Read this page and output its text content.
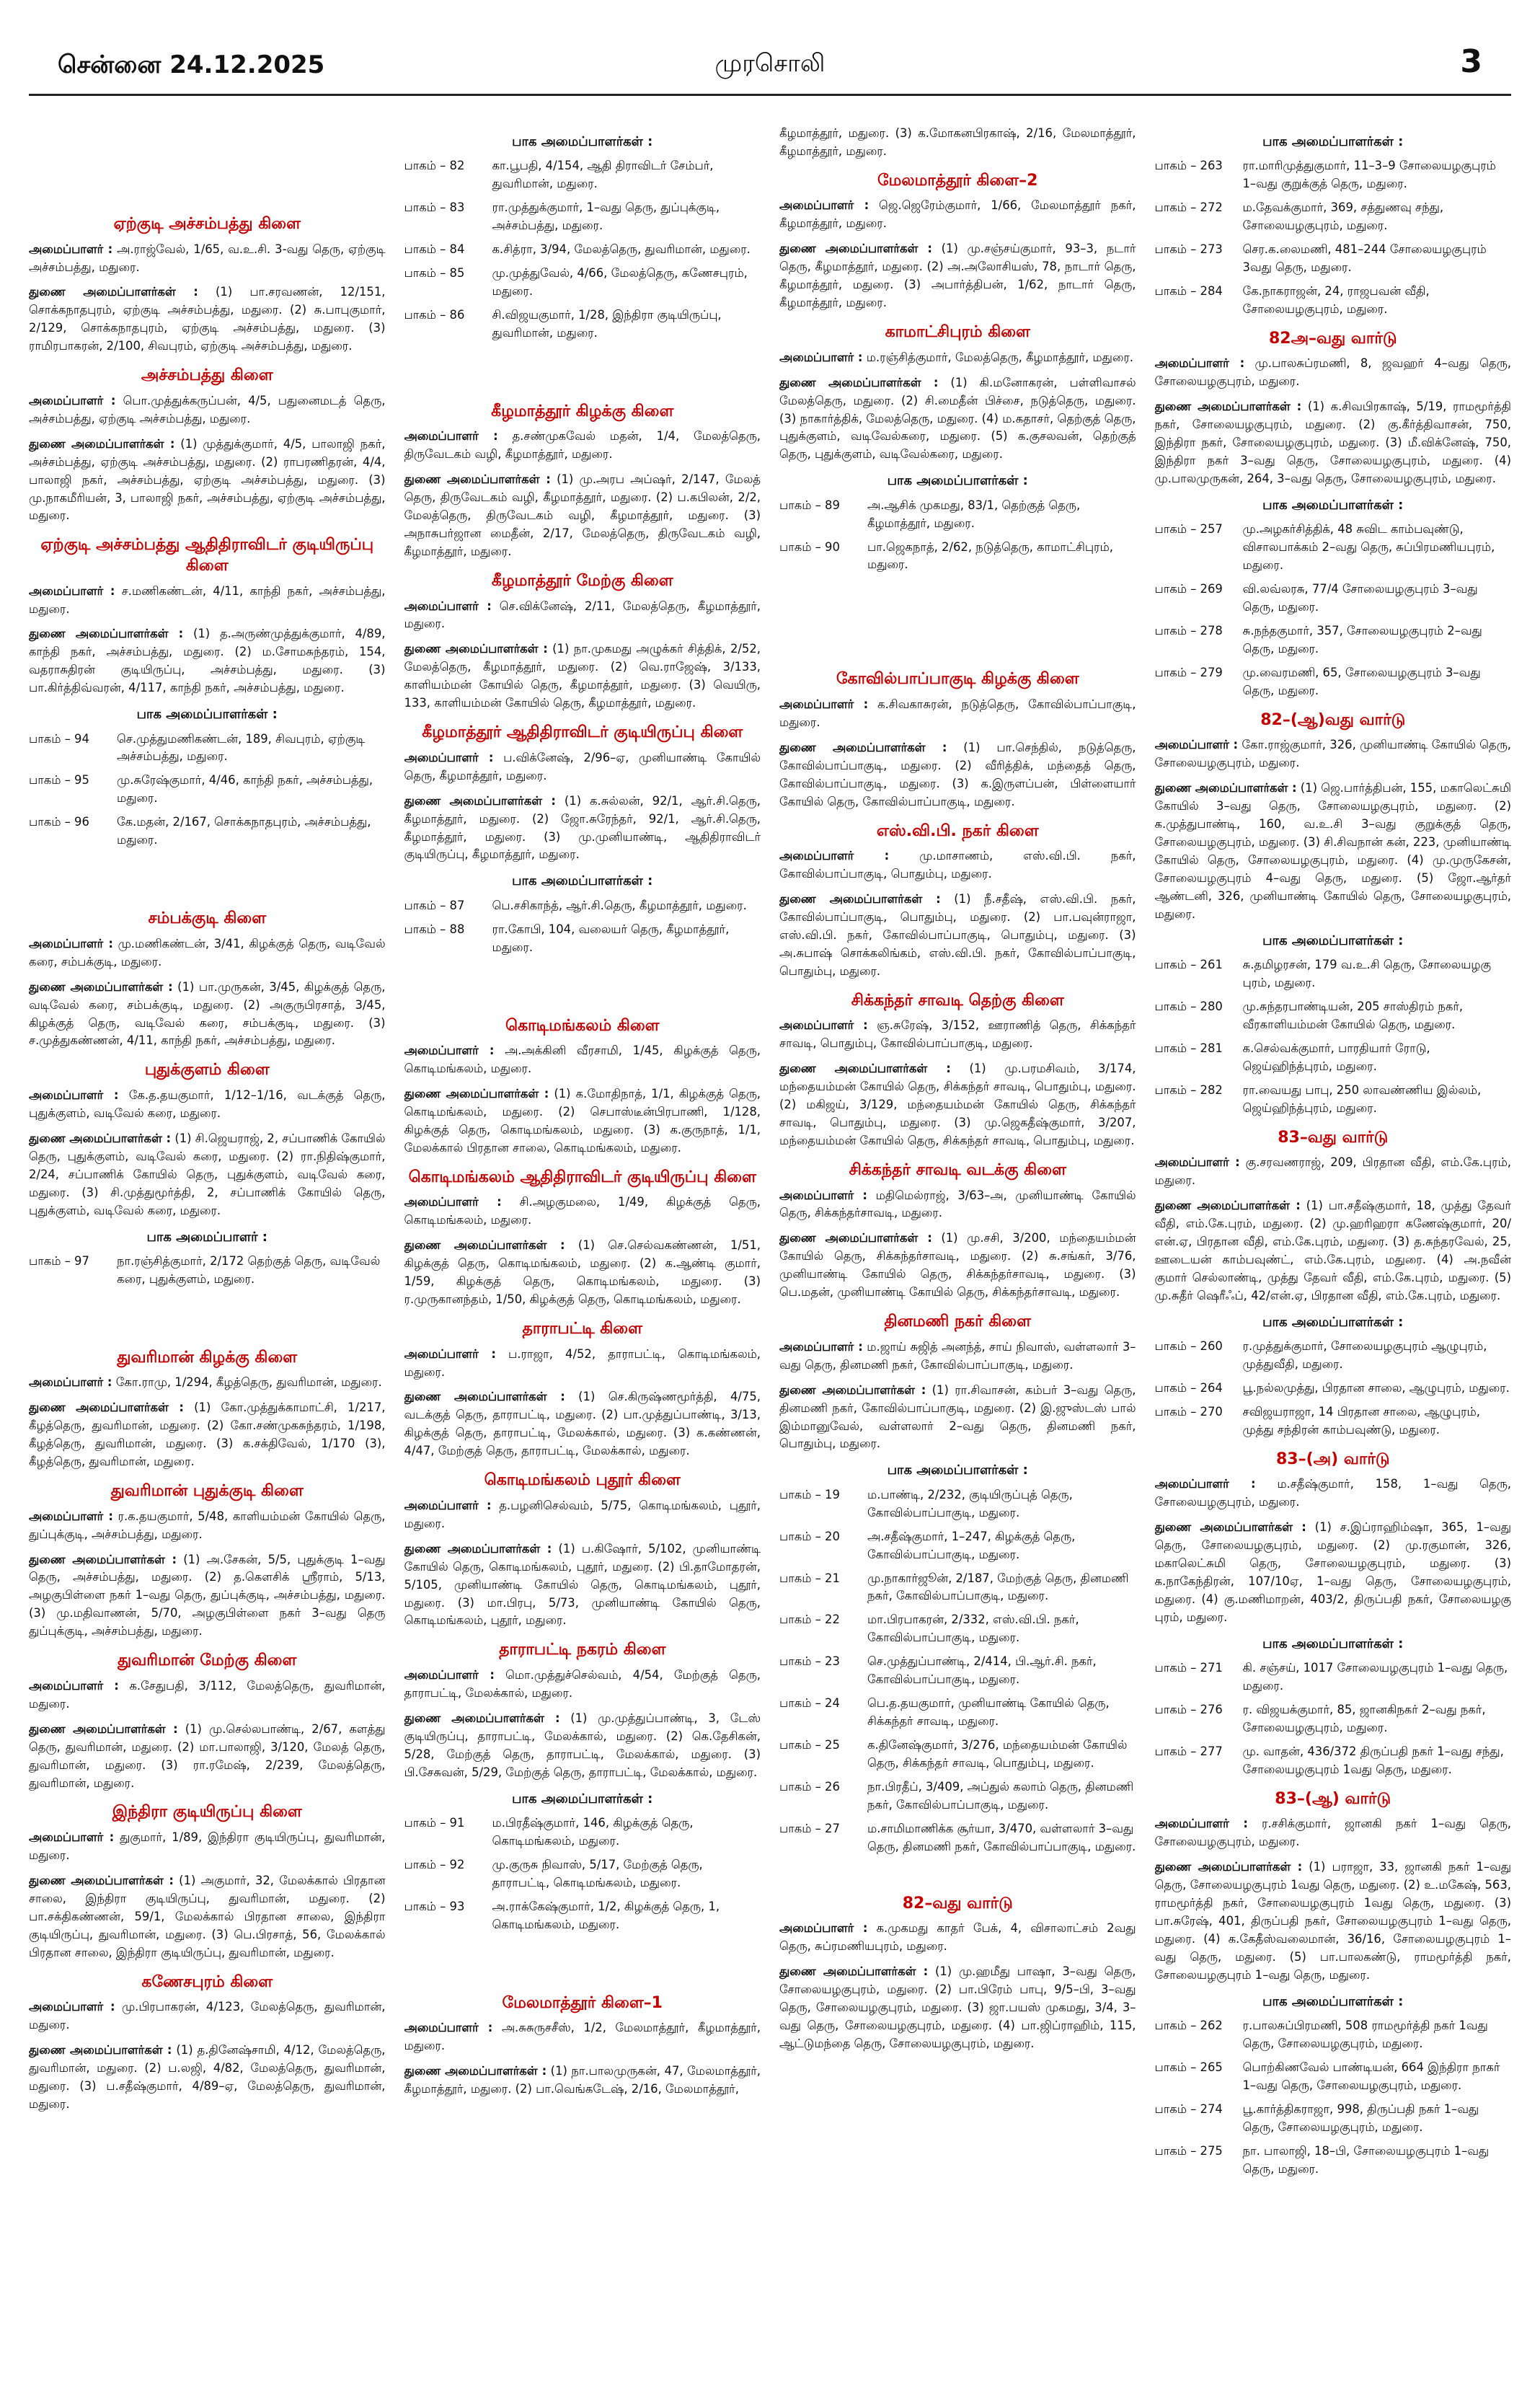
சென்னை 24.12.2025	முரசொலி	3
ஏற்குடி அச்சம்பத்து கிளை

அமைப்பாளர் : அ.ராஜ்வேல், 1/65, வ.உ.சி. 3-வது தெரு, ஏற்குடி அச்சம்பத்து, மதுரை.

துணை அமைப்பாளர்கள் : (1) பா.சரவணன், 12/151, சொக்கநாதபுரம், ஏற்குடி அச்சம்பத்து, மதுரை. (2) சு.பாபுகுமார், 2/129, சொக்கநாதபுரம், ஏற்குடி அச்சம்பத்து, மதுரை. (3) ராமிரபாகரன், 2/100, சிவபுரம், ஏற்குடி அச்சம்பத்து, மதுரை.

அச்சம்பத்து கிளை

அமைப்பாளர் : பொ.முத்துக்கருப்பன், 4/5, பதுனைமடத் தெரு, அச்சம்பத்து, ஏற்குடி அச்சம்பத்து, மதுரை.

துணை அமைப்பாளர்கள் : (1) முத்துக்குமார், 4/5, பாலாஜி நகர், அச்சம்பத்து, ஏற்குடி அச்சம்பத்து, மதுரை. (2) ராபரணிதரன், 4/4, பாலாஜி நகர், அச்சம்பத்து, ஏற்குடி அச்சம்பத்து, மதுரை. (3) மு.நாகமீரியன், 3, பாலாஜி நகர், அச்சம்பத்து, ஏற்குடி அச்சம்பத்து, மதுரை.

ஏற்குடி அச்சம்பத்து ஆதிதிராவிடர் குடியிருப்பு கிளை

அமைப்பாளர் : ச.மணிகண்டன், 4/11, காந்தி நகர், அச்சம்பத்து, மதுரை.

துணை அமைப்பாளர்கள் : (1) த.அருண்முத்துக்குமார், 4/89, காந்தி நகர், அச்சம்பத்து, மதுரை. (2) ம.சோமசுந்தரம், 154, வதராசுதிரன் குடியிருப்பு, அச்சம்பத்து, மதுரை. (3) பா.கிர்த்திவ்வரன், 4/117, காந்தி நகர், அச்சம்பத்து, மதுரை.

பாக அமைப்பாளர்கள் :
பாகம் – 94	செ.முத்துமணிகண்டன், 189, சிவபுரம், ஏற்குடி அச்சம்பத்து, மதுரை.
பாகம் – 95	மு.சுரேஷ்குமார், 4/46, காந்தி நகர், அச்சம்பத்து, மதுரை.
பாகம் – 96	கே.மதன், 2/167, சொக்கநாதபுரம், அச்சம்பத்து, மதுரை.
சம்பக்குடி கிளை

அமைப்பாளர் : மு.மணிகண்டன், 3/41, கிழக்குத் தெரு, வடிவேல் கரை, சம்பக்குடி, மதுரை.

துணை அமைப்பாளர்கள் : (1) பா.முருகன், 3/45, கிழக்குத் தெரு, வடிவேல் கரை, சம்பக்குடி, மதுரை. (2) அகுருபிரசாத், 3/45, கிழக்குத் தெரு, வடிவேல் கரை, சம்பக்குடி, மதுரை. (3) ச.முத்துகண்ணன், 4/11, காந்தி நகர், அச்சம்பத்து, மதுரை.

புதுக்குளம் கிளை

அமைப்பாளர் : கே.த.தயகுமார், 1/12–1/16, வடக்குத் தெரு, புதுக்குளம், வடிவேல் கரை, மதுரை.

துணை அமைப்பாளர்கள் : (1) சி.ஜெயராஜ், 2, சப்பாணிக் கோயில் தெரு, புதுக்குளம், வடிவேல் கரை, மதுரை. (2) ரா.நிதிஷ்குமார், 2/24, சப்பாணிக் கோயில் தெரு, புதுக்குளம், வடிவேல் கரை, மதுரை. (3) சி.முத்துமூர்த்தி, 2, சப்பாணிக் கோயில் தெரு, புதுக்குளம், வடிவேல் கரை, மதுரை.

பாக அமைப்பாளர் :
பாகம் – 97	நா.ரஞ்சித்குமார், 2/172 தெற்குத் தெரு, வடிவேல் கரை, புதுக்குளம், மதுரை.
துவரிமான் கிழக்கு கிளை

அமைப்பாளர் : கோ.ராமு, 1/294, கீழத்தெரு, துவரிமான், மதுரை.

துணை அமைப்பாளர்கள் : (1) கோ.முத்துக்காமாட்சி, 1/217, கீழத்தெரு, துவரிமான், மதுரை. (2) கோ.சண்முகசுந்தரம், 1/198, கீழத்தெரு, துவரிமான், மதுரை. (3) க.சக்திவேல், 1/170 (3), கீழத்தெரு, துவரிமான், மதுரை.

துவரிமான் புதுக்குடி கிளை

அமைப்பாளர் : ர.க.தயகுமார், 5/48, காளியம்மன் கோயில் தெரு, துப்புக்குடி, அச்சம்பத்து, மதுரை.

துணை அமைப்பாளர்கள் : (1) அ.சேகன், 5/5, புதுக்குடி 1–வது தெரு, அச்சம்பத்து, மதுரை. (2) த.கௌசிக் ஸ்ரீராம், 5/13, அழகுபிள்ளை நகர் 1–வது தெரு, துப்புக்குடி, அச்சம்பத்து, மதுரை. (3) மு.மதிவாணன், 5/70, அழகுபிள்ளை நகர் 3–வது தெரு துப்புக்குடி, அச்சம்பத்து, மதுரை.

துவரிமான் மேற்கு கிளை

அமைப்பாளர் : க.சேதுபதி, 3/112, மேலத்தெரு, துவரிமான், மதுரை.

துணை அமைப்பாளர்கள் : (1) மு.செல்லபாண்டி, 2/67, களத்து தெரு, துவரிமான், மதுரை. (2) மா.பாலாஜி, 3/120, மேலத் தெரு, துவரிமான், மதுரை. (3) ரா.ரமேஷ், 2/239, மேலத்தெரு, துவரிமான், மதுரை.

இந்திரா குடியிருப்பு கிளை

அமைப்பாளர் : துகுமார், 1/89, இந்திரா குடியிருப்பு, துவரிமான், மதுரை.

துணை அமைப்பாளர்கள் : (1) அகுமார், 32, மேலக்கால் பிரதான சாலை, இந்திரா குடியிருப்பு, துவரிமான், மதுரை. (2) பா.சக்திகண்ணன், 59/1, மேலக்கால் பிரதான சாலை, இந்திரா குடியிருப்பு, துவரிமான், மதுரை. (3) பெ.பிரசாத், 56, மேலக்கால் பிரதான சாலை, இந்திரா குடியிருப்பு, துவரிமான், மதுரை.

கணேசபுரம் கிளை

அமைப்பாளர் : மு.பிரபாகரன், 4/123, மேலத்தெரு, துவரிமான், மதுரை.

துணை அமைப்பாளர்கள் : (1) த.தினேஷ்சாமி, 4/12, மேலத்தெரு, துவரிமான், மதுரை. (2) ப.லஜி, 4/82, மேலத்தெரு, துவரிமான், மதுரை. (3) ப.சதீஷ்குமார், 4/89–ஏ, மேலத்தெரு, துவரிமான், மதுரை.

பாக அமைப்பாளர்கள் :
பாகம் – 82	கா.பூபதி, 4/154, ஆதி திராவிடர் சேம்பர், துவரிமான், மதுரை.
பாகம் – 83	ரா.முத்துக்குமார், 1–வது தெரு, துப்புக்குடி, அச்சம்பத்து, மதுரை.
பாகம் – 84	க.சித்ரா, 3/94, மேலத்தெரு, துவரிமான், மதுரை.
பாகம் – 85	மு.முத்துவேல், 4/66, மேலத்தெரு, கணேசபுரம், மதுரை.
பாகம் – 86	சி.விஜயகுமார், 1/28, இந்திரா குடியிருப்பு, துவரிமான், மதுரை.
கீழமாத்தூர் கிழக்கு கிளை

அமைப்பாளர் : த.சண்முகவேல் மதன், 1/4, மேலத்தெரு, திருவேடகம் வழி, கீழமாத்தூர், மதுரை.

துணை அமைப்பாளர்கள் : (1) மு.அரப அப்ஷர், 2/147, மேலத் தெரு, திருவேடகம் வழி, கீழமாத்தூர், மதுரை. (2) ப.கபிலன், 2/2, மேலத்தெரு, திருவேடகம் வழி, கீழமாத்தூர், மதுரை. (3) அநாசுபர்ஜான மைதீன், 2/17, மேலத்தெரு, திருவேடகம் வழி, கீழமாத்தூர், மதுரை.

கீழமாத்தூர் மேற்கு கிளை

அமைப்பாளர் : செ.விக்னேஷ், 2/11, மேலத்தெரு, கீழமாத்தூர், மதுரை.

துணை அமைப்பாளர்கள் : (1) நா.முகமது அழுக்கர் சித்திக், 2/52, மேலத்தெரு, கீழமாத்தூர், மதுரை. (2) வெ.ராஜேஷ், 3/133, காளியம்மன் கோயில் தெரு, கீழமாத்தூர், மதுரை. (3) வெயிரு, 133, காளியம்மன் கோயில் தெரு, கீழமாத்தூர், மதுரை.

கீழமாத்தூர் ஆதிதிராவிடர் குடியிருப்பு கிளை

அமைப்பாளர் : ப.விக்னேஷ், 2/96–ஏ, முனியாண்டி கோயில் தெரு, கீழமாத்தூர், மதுரை.

துணை அமைப்பாளர்கள் : (1) க.சுல்லன், 92/1, ஆர்.சி.தெரு, கீழமாத்தூர், மதுரை. (2) ஜோ.சுரேந்தர், 92/1, ஆர்.சி.தெரு, கீழமாத்தூர், மதுரை. (3) மு.முனியாண்டி, ஆதிதிராவிடர் குடியிருப்பு, கீழமாத்தூர், மதுரை.

பாக அமைப்பாளர்கள் :
பாகம் – 87	பெ.சசிகாந்த், ஆர்.சி.தெரு, கீழமாத்தூர், மதுரை.
பாகம் – 88	ரா.கோபி, 104, வலையர் தெரு, கீழமாத்தூர், மதுரை.
கொடிமங்கலம் கிளை

அமைப்பாளர் : அ.அக்கினி வீரசாமி, 1/45, கிழக்குத் தெரு, கொடிமங்கலம், மதுரை.

துணை அமைப்பாளர்கள் : (1) க.மோதிநாத், 1/1, கிழக்குத் தெரு, கொடிமங்கலம், மதுரை. (2) செபாஸ்டீன்பிரபாணி, 1/128, கிழக்குத் தெரு, கொடிமங்கலம், மதுரை. (3) க.குருநாத், 1/1, மேலக்கால் பிரதான சாலை, கொடிமங்கலம், மதுரை.

கொடிமங்கலம் ஆதிதிராவிடர் குடியிருப்பு கிளை

அமைப்பாளர் : சி.அழகுமலை, 1/49, கிழக்குத் தெரு, கொடிமங்கலம், மதுரை.

துணை அமைப்பாளர்கள் : (1) செ.செல்வகண்ணன், 1/51, கிழக்குத் தெரு, கொடிமங்கலம், மதுரை. (2) க.ஆண்டி குமார், 1/59, கிழக்குத் தெரு, கொடிமங்கலம், மதுரை. (3) ர.முருகானந்தம், 1/50, கிழக்குத் தெரு, கொடிமங்கலம், மதுரை.

தாராபட்டி கிளை

அமைப்பாளர் : ப.ராஜா, 4/52, தாராபட்டி, கொடிமங்கலம், மதுரை.

துணை அமைப்பாளர்கள் : (1) செ.கிருஷ்ணமூர்த்தி, 4/75, வடக்குத் தெரு, தாராபட்டி, மதுரை. (2) பா.முத்துப்பாண்டி, 3/13, கிழக்குத் தெரு, தாராபட்டி, மேலக்கால், மதுரை. (3) க.கண்ணன், 4/47, மேற்குத் தெரு, தாராபட்டி, மேலக்கால், மதுரை.

கொடிமங்கலம் புதூர் கிளை

அமைப்பாளர் : த.பழனிசெல்வம், 5/75, கொடிமங்கலம், புதூர், மதுரை.

துணை அமைப்பாளர்கள் : (1) ப.கிஷோர், 5/102, முனியாண்டி கோயில் தெரு, கொடிமங்கலம், புதூர், மதுரை. (2) பி.தாமோதரன், 5/105, முனியாண்டி கோயில் தெரு, கொடிமங்கலம், புதூர், மதுரை. (3) மா.பிரபு, 5/73, முனியாண்டி கோயில் தெரு, கொடிமங்கலம், புதூர், மதுரை.

தாராபட்டி நகரம் கிளை

அமைப்பாளர் : மொ.முத்துச்செல்வம், 4/54, மேற்குத் தெரு, தாராபட்டி, மேலக்கால், மதுரை.

துணை அமைப்பாளர்கள் : (1) மு.முத்துப்பாண்டி, 3, டேஸ் குடியிருப்பு, தாராபட்டி, மேலக்கால், மதுரை. (2) கெ.தேசிகன், 5/28, மேற்குத் தெரு, தாராபட்டி, மேலக்கால், மதுரை. (3) பி.சேசுவன், 5/29, மேற்குத் தெரு, தாராபட்டி, மேலக்கால், மதுரை.

பாக அமைப்பாளர்கள் :
பாகம் – 91	ம.பிரதீஷ்குமார், 146, கிழக்குத் தெரு, கொடிமங்கலம், மதுரை.
பாகம் – 92	மு.குருசு நிவாஸ், 5/17, மேற்குத் தெரு, தாராபட்டி, கொடிமங்கலம், மதுரை.
பாகம் – 93	அ.ராக்கேஷ்குமார், 1/2, கிழக்குத் தெரு, 1, கொடிமங்கலம், மதுரை.
மேலமாத்தூர் கிளை–1

அமைப்பாளர் : அ.சுசுருசசீஸ், 1/2, மேலமாத்தூர், கீழமாத்தூர், மதுரை.

துணை அமைப்பாளர்கள் : (1) நா.பாலமுருகன், 47, மேலமாத்தூர், கீழமாத்தூர், மதுரை. (2) பா.வெங்கடேஷ், 2/16, மேலமாத்தூர்,

கீழமாத்தூர், மதுரை. (3) க.மோகனபிரகாஷ், 2/16, மேலமாத்தூர், கீழமாத்தூர், மதுரை.

மேலமாத்தூர் கிளை–2

அமைப்பாளர் : ஜெ.ஜெரேம்குமார், 1/66, மேலமாத்தூர் நகர், கீழமாத்தூர், மதுரை.

துணை அமைப்பாளர்கள் : (1) மு.சஞ்சய்குமார், 93–3, நடார் தெரு, கீழமாத்தூர், மதுரை. (2) அ.அலோசியஸ், 78, நாடார் தெரு, கீழமாத்தூர், மதுரை. (3) அபார்த்திபன், 1/62, நாடார் தெரு, கீழமாத்தூர், மதுரை.

காமாட்சிபுரம் கிளை

அமைப்பாளர் : ம.ரஞ்சித்குமார், மேலத்தெரு, கீழமாத்தூர், மதுரை.

துணை அமைப்பாளர்கள் : (1) கி.மனோகரன், பள்ளிவாசல் மேலத்தெரு, மதுரை. (2) சி.மைதீன் பிச்சை, நடுத்தெரு, மதுரை. (3) நாகார்த்திக், மேலத்தெரு, மதுரை. (4) ம.கதாசர், தெற்குத் தெரு, புதுக்குளம், வடிவேல்கரை, மதுரை. (5) க.குசலவன், தெற்குத் தெரு, புதுக்குளம், வடிவேல்கரை, மதுரை.

பாக அமைப்பாளர்கள் :
பாகம் – 89	அ.ஆசிக் முகமது, 83/1, தெற்குத் தெரு, கீழமாத்தூர், மதுரை.
பாகம் – 90	பா.ஜெகநாத், 2/62, நடுத்தெரு, காமாட்சிபுரம், மதுரை.
கோவில்பாப்பாகுடி கிழக்கு கிளை

அமைப்பாளர் : க.சிவகாசுரன், நடுத்தெரு, கோவில்பாப்பாகுடி, மதுரை.

துணை அமைப்பாளர்கள் : (1) பா.செந்தில், நடுத்தெரு, கோவில்பாப்பாகுடி, மதுரை. (2) வீரித்திக், மந்தைத் தெரு, கோவில்பாப்பாகுடி, மதுரை. (3) க.இருளப்பன், பிள்ளையார் கோயில் தெரு, கோவில்பாப்பாகுடி, மதுரை.

எஸ்.வி.பி. நகர் கிளை

அமைப்பாளர் :	மு.மாசாணம், எஸ்.வி.பி. நகர், கோவில்பாப்பாகுடி, பொதும்பு, மதுரை.

துணை அமைப்பாளர்கள் : (1) நீ.சதீஷ், எஸ்.வி.பி. நகர், கோவில்பாப்பாகுடி, பொதும்பு, மதுரை. (2) பா.பவுன்ராஜா, எஸ்.வி.பி. நகர், கோவில்பாப்பாகுடி, பொதும்பு, மதுரை. (3) அ.சுபாஷ் சொக்கலிங்கம், எஸ்.வி.பி. நகர், கோவில்பாப்பாகுடி, பொதும்பு, மதுரை.

சிக்கந்தர் சாவடி தெற்கு கிளை

அமைப்பாளர் : ஞ.சுரேஷ், 3/152, ஊராணித் தெரு, சிக்கந்தர் சாவடி, பொதும்பு, கோவில்பாப்பாகுடி, மதுரை.

துணை அமைப்பாளர்கள் : (1) மு.பரமசிவம், 3/174, மந்தையம்மன் கோயில் தெரு, சிக்கந்தர் சாவடி, பொதும்பு, மதுரை. (2) மகிஜய், 3/129, மந்தையம்மன் கோயில் தெரு, சிக்கந்தர் சாவடி, பொதும்பு, மதுரை. (3) மு.ஜெகதீஷ்குமார், 3/207, மந்தையம்மன் கோயில் தெரு, சிக்கந்தர் சாவடி, பொதும்பு, மதுரை.

சிக்கந்தர் சாவடி வடக்கு கிளை

அமைப்பாளர் : மதிமெல்ராஜ், 3/63–அ, முனியாண்டி கோயில் தெரு, சிக்கந்தர்சாவடி, மதுரை.

துணை அமைப்பாளர்கள் : (1) மு.சசி, 3/200, மந்தையம்மன் கோயில் தெரு, சிக்கந்தர்சாவடி, மதுரை. (2) சு.சங்கர், 3/76, முனியாண்டி கோயில் தெரு, சிக்கந்தர்சாவடி, மதுரை. (3) பெ.மதன், முனியாண்டி கோயில் தெரு, சிக்கந்தர்சாவடி, மதுரை.

தினமணி நகர் கிளை

அமைப்பாளர் : ம.ஜாய் சுஜித் அனந்த், சாய் நிவாஸ், வள்ளலார் 3–வது தெரு, தினமணி நகர், கோவில்பாப்பாகுடி, மதுரை.

துணை அமைப்பாளர்கள் : (1) ரா.சிவாசன், கம்பர் 3–வது தெரு, தினமணி நகர், கோவில்பாப்பாகுடி, மதுரை. (2) இ.ஜுஸ்டஸ் பால் இம்மானுவேல், வள்ளலார் 2–வது தெரு, தினமணி நகர், பொதும்பு, மதுரை.

பாக அமைப்பாளர்கள் :
பாகம் – 19	ம.பாண்டி, 2/232, குடியிருப்புத் தெரு, கோவில்பாப்பாகுடி, மதுரை.
பாகம் – 20	அ.சதீஷ்குமார், 1–247, கிழக்குத் தெரு, கோவில்பாப்பாகுடி, மதுரை.
பாகம் – 21	மு.நாகார்ஜூன், 2/187, மேற்குத் தெரு, தினமணி நகர், கோவில்பாப்பாகுடி, மதுரை.
பாகம் – 22	மா.பிரபாகரன், 2/332, எஸ்.வி.பி. நகர், கோவில்பாப்பாகுடி, மதுரை.
பாகம் – 23	செ.முத்துப்பாண்டி, 2/414, பி.ஆர்.சி. நகர், கோவில்பாப்பாகுடி, மதுரை.
பாகம் – 24	பெ.த.தயகுமார், முனியாண்டி கோயில் தெரு, சிக்கந்தர் சாவடி, மதுரை.
பாகம் – 25	க.தினேஷ்குமார், 3/276, மந்தையம்மன் கோயில் தெரு, சிக்கந்தர் சாவடி, பொதும்பு, மதுரை.
பாகம் – 26	நா.பிரதீப், 3/409, அப்துல் கலாம் தெரு, தினமணி நகர், கோவில்பாப்பாகுடி, மதுரை.
பாகம் – 27	ம.சாமிமாணிக்க சூர்யா, 3/470, வள்ளலார் 3–வது தெரு, தினமணி நகர், கோவில்பாப்பாகுடி, மதுரை.
82–வது வார்டு

அமைப்பாளர் : க.முகமது காதர் பேக், 4, விசாலாட்சம் 2வது தெரு, சுப்ரமணியபுரம், மதுரை.

துணை அமைப்பாளர்கள் : (1) மு.ஹமீது பாஷா, 3–வது தெரு, சோலையழகுபுரம், மதுரை. (2) பா.பிரேம் பாபு, 9/5–பி, 3–வது தெரு, சோலையழகுபுரம், மதுரை. (3) ஜா.பயஸ் முகமது, 3/4, 3–வது தெரு, சோலையழகுபுரம், மதுரை. (4) பா.ஜிப்ராஹிம், 115, ஆட்டுமந்தை தெரு, சோலையழகுபுரம், மதுரை.

பாக அமைப்பாளர்கள் :
பாகம் – 263	ரா.மாரிமுத்துகுமார், 11–3–9 சோலையழகுபுரம் 1–வது குறுக்குத் தெரு, மதுரை.
பாகம் – 272	ம.தேவக்குமார், 369, சத்துணவு சந்து, சோலையழகுபுரம், மதுரை.
பாகம் – 273	செர.க.லைமணி, 481–244 சோலையழகுபுரம் 3வது தெரு, மதுரை.
பாகம் – 284	கே.நாகராஜன், 24, ராஜபவன் வீதி, சோலையழகுபுரம், மதுரை.
82அ–வது வார்டு

அமைப்பாளர் : மு.பாலசுப்ரமணி, 8, ஜவஹர் 4–வது தெரு, சோலையழகுபுரம், மதுரை.

துணை அமைப்பாளர்கள் : (1) க.சிவபிரகாஷ், 5/19, ராமமூர்த்தி நகர், சோலையழகுபுரம், மதுரை. (2) கு.கீர்த்திவாசன், 750, இந்திரா நகர், சோலையழகுபுரம், மதுரை. (3) மீ.விக்னேஷ், 750, இந்திரா நகர் 3–வது தெரு, சோலையழகுபுரம், மதுரை. (4) மு.பாலமுருகன், 264, 3–வது தெரு, சோலையழகுபுரம், மதுரை.

பாக அமைப்பாளர்கள் :
பாகம் – 257	மு.அழகர்சித்திக், 48 சுவிட காம்பவுண்டு, விசாலபாக்கம் 2–வது தெரு, சுப்பிரமணியபுரம், மதுரை.
பாகம் – 269	வி.லவ்லரசு, 77/4 சோலையழகுபுரம் 3–வது தெரு, மதுரை.
பாகம் – 278	சு.நந்தகுமார், 357, சோலையழகுபுரம் 2–வது தெரு, மதுரை.
பாகம் – 279	மு.வைரமணி, 65, சோலையழகுபுரம் 3–வது தெரு, மதுரை.
82–(ஆ)வது வார்டு

அமைப்பாளர் : கோ.ராஜ்குமார், 326, முனியாண்டி கோயில் தெரு, சோலையழகுபுரம், மதுரை.

துணை அமைப்பாளர்கள் : (1) ஜெ.பார்த்திபன், 155, மகாலெட்சுமி கோயில் 3–வது தெரு, சோலையழகுபுரம், மதுரை. (2) க.முத்துபாண்டி, 160, வ.உ.சி 3–வது குறுக்குத் தெரு, சோலையழகுபுரம், மதுரை. (3) சி.சிவநான் கன், 223, முனியாண்டி கோயில் தெரு, சோலையழகுபுரம், மதுரை. (4) மு.முருகேசன், சோலையழகுபுரம் 4–வது தெரு, மதுரை. (5) ஜோ.ஆர்தர் ஆண்டனி, 326, முனியாண்டி கோயில் தெரு, சோலையழகுபுரம், மதுரை.

பாக அமைப்பாளர்கள் :
பாகம் – 261	சு.தமிழரசன், 179 வ.உ.சி தெரு, சோலையழகு புரம், மதுரை.
பாகம் – 280	மு.சுந்தரபாண்டியன், 205 சாஸ்திரம் நகர், வீரகாளியம்மன் கோயில் தெரு, மதுரை.
பாகம் – 281	க.செல்வக்குமார், பாரதியார் ரோடு, ஜெய்ஹிந்த்புரம், மதுரை.
பாகம் – 282	ரா.வையது பாபு, 250 லாவண்ணிய இல்லம், ஜெய்ஹிந்த்புரம், மதுரை.
83–வது வார்டு

அமைப்பாளர் : கு.சரவணராஜ், 209, பிரதான வீதி, எம்.கே.புரம், மதுரை.

துணை அமைப்பாளர்கள் : (1) பா.சதீஷ்குமார், 18, முத்து தேவர் வீதி, எம்.கே.புரம், மதுரை. (2) மு.ஹரிஹரா கணேஷ்குமார், 20/என்.ஏ, பிரதான வீதி, எம்.கே.புரம், மதுரை. (3) த.சுந்தரவேல், 25, ஊடையன் காம்பவுண்ட், எம்.கே.புரம், மதுரை. (4) அ.நவீன் குமார் செல்லாண்டி, முத்து தேவர் வீதி, எம்.கே.புரம், மதுரை. (5) மு.சுதீர் ஷெரீஃப், 42/என்.ஏ, பிரதான வீதி, எம்.கே.புரம், மதுரை.

பாக அமைப்பாளர்கள் :
பாகம் – 260	ர.முத்துக்குமார், சோலையழகுபுரம் ஆழுபுரம், முத்துவீதி, மதுரை.
பாகம் – 264	பூ.நல்லமுத்து, பிரதான சாலை, ஆழுபுரம், மதுரை.
பாகம் – 270	சவிஜயராஜா, 14 பிரதான சாலை, ஆழுபுரம், முத்து சந்திரன் காம்பவுண்டு, மதுரை.
83–(அ) வார்டு

அமைப்பாளர் : ம.சதீஷ்குமார், 158, 1–வது தெரு, சோலையழகுபுரம், மதுரை.

துணை அமைப்பாளர்கள் : (1) ச.இப்ராஹிம்ஷா, 365, 1–வது தெரு, சோலையழகுபுரம், மதுரை. (2) மு.ரகுமான், 326, மகாலெட்சுமி தெரு, சோலையழகுபுரம், மதுரை. (3) க.நாகேந்திரன், 107/10ஏ, 1–வது தெரு, சோலையழகுபுரம், மதுரை. (4) கு.மணிமாறன், 403/2, திருப்பதி நகர், சோலையழகு புரம், மதுரை.

பாக அமைப்பாளர்கள் :
பாகம் – 271	கி. சஞ்சய், 1017 சோலையழகுபுரம் 1–வது தெரு, மதுரை.
பாகம் – 276	ர. விஜயக்குமார், 85, ஜானகிநகர் 2–வது நகர், சோலையழகுபுரம், மதுரை.
பாகம் – 277	மு. வாதன், 436/372 திருப்பதி நகர் 1–வது சந்து, சோலையழகுபுரம் 1வது தெரு, மதுரை.
83–(ஆ) வார்டு

அமைப்பாளர் : ர.சசிக்குமார், ஜானகி நகர் 1–வது தெரு, சோலையழகுபுரம், மதுரை.

துணை அமைப்பாளர்கள் : (1) பராஜா, 33, ஜானகி நகர் 1–வது தெரு, சோலையழகுபுரம் 1வது தெரு, மதுரை. (2) உ.மகேஷ், 563, ராமமூர்த்தி நகர், சோலையழகுபுரம் 1வது தெரு, மதுரை. (3) பா.சுரேஷ், 401, திருப்பதி நகர், சோலையழகுபுரம் 1–வது தெரு, மதுரை. (4) க.கேதீஸ்வலைமான், 36/16, சோலையழகுபுரம் 1–வது தெரு, மதுரை. (5) பா.பாலகண்டு, ராமமூர்த்தி நகர், சோலையழகுபுரம் 1–வது தெரு, மதுரை.

பாக அமைப்பாளர்கள் :
பாகம் – 262	ர.பாலசுப்பிரமணி, 508 ராமமூர்த்தி நகர் 1வது தெரு, சோலையழகுபுரம், மதுரை.
பாகம் – 265	பொற்கிணவேல் பாண்டியன், 664 இந்திரா நாகர் 1–வது தெரு, சோலையழகுபுரம், மதுரை.
பாகம் – 274	பூ.கார்த்திகராஜா, 998, திருப்பதி நகர் 1–வது தெரு, சோலையழகுபுரம், மதுரை.
பாகம் – 275	நா. பாலாஜி, 18–பி, சோலையழகுபுரம் 1–வது தெரு, மதுரை.
